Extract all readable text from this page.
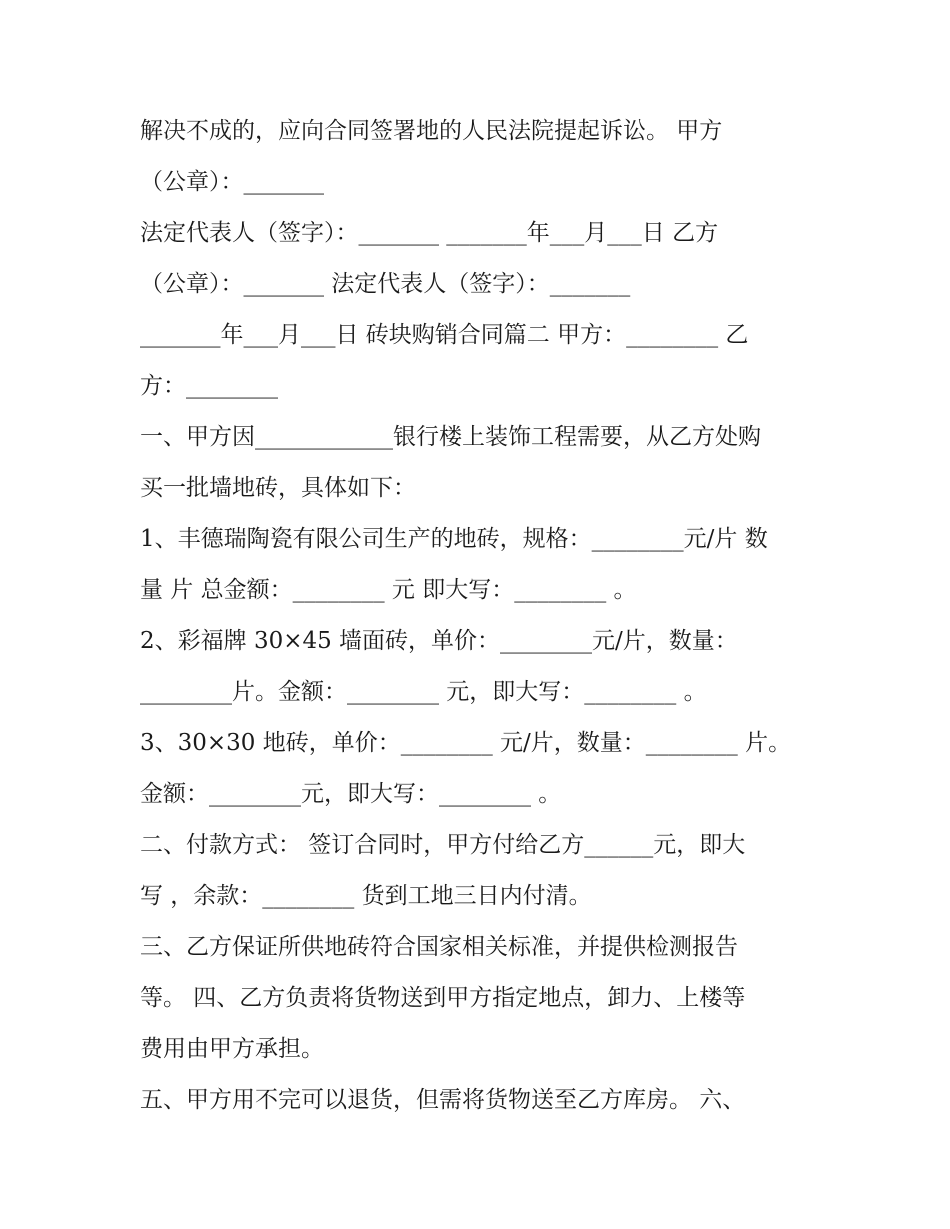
解决不成的，应向合同签署地的人民法院提起诉讼。 甲方
（公章）：_______
法定代表人（签字）：_______ _______年___月___日 乙方
（公章）：_______ 法定代表人（签字）：_______
_______年___月___日 砖块购销合同篇二 甲方：________ 乙
方：________
一、甲方因____________银行楼上装饰工程需要，从乙方处购
买一批墙地砖，具体如下：
1、丰德瑞陶瓷有限公司生产的地砖，规格：________元/片 数
量 片 总金额：________ 元 即大写：________ 。
2、彩福牌 30×45 墙面砖，单价：________元/片，数量：
________片。金额：________ 元，即大写：________ 。
3、30×30 地砖，单价：________ 元/片，数量：________ 片。
金额：________元，即大写：________ 。
二、付款方式： 签订合同时，甲方付给乙方______元，即大
写 ，余款：________ 货到工地三日内付清。
三、乙方保证所供地砖符合国家相关标准，并提供检测报告
等。 四、乙方负责将货物送到甲方指定地点，卸力、上楼等
费用由甲方承担。
五、甲方用不完可以退货，但需将货物送至乙方库房。 六、
